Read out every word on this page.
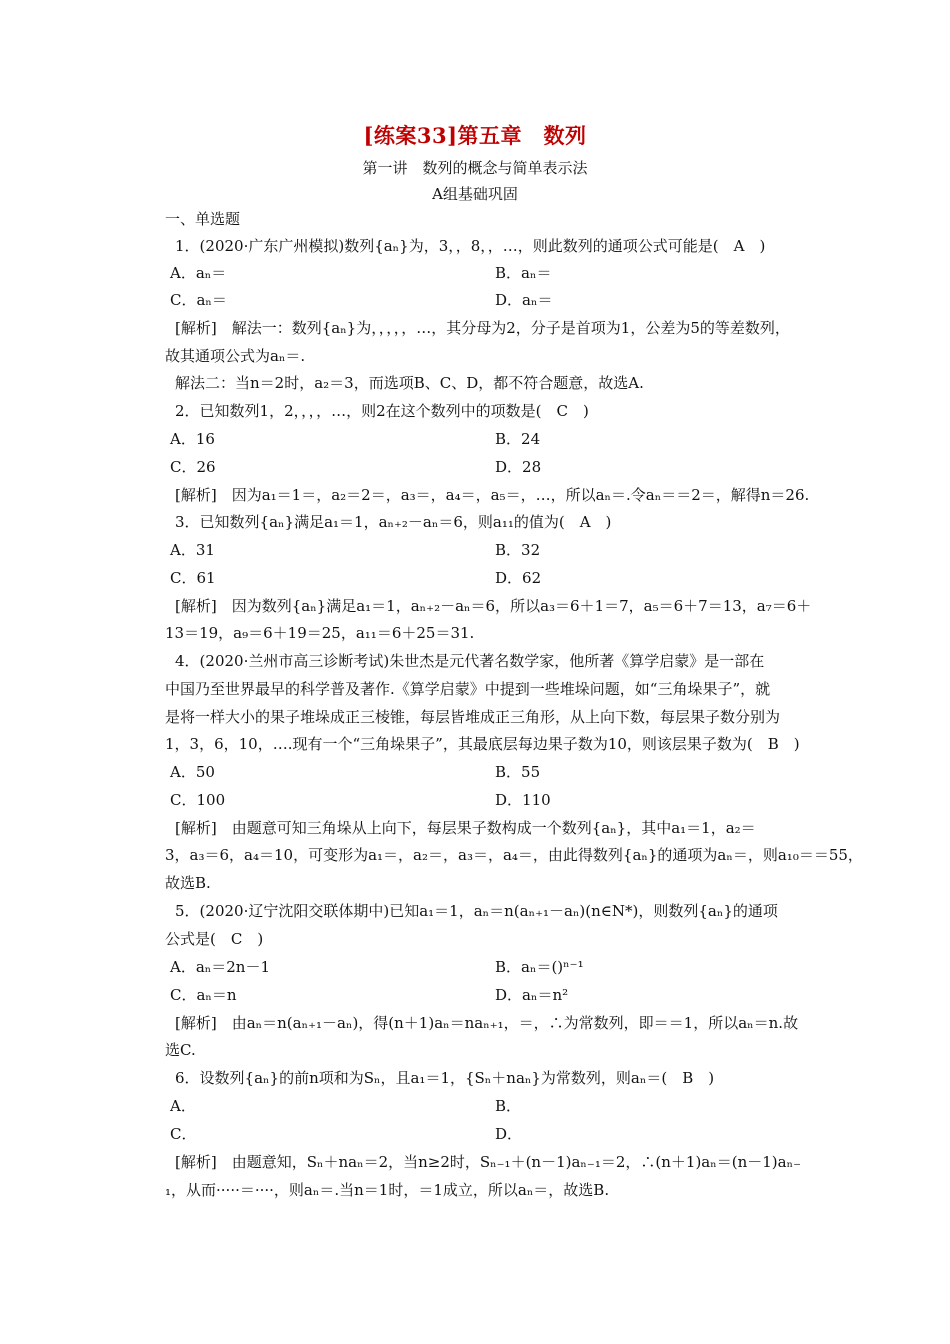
[练案33]第五章　数列
第一讲　数列的概念与简单表示法
A组基础巩固
一、单选题
1．(2020·广东广州模拟)数列{aₙ}为，3，，8，，…，则此数列的通项公式可能是(　A　)
A．aₙ＝	B．aₙ＝
C．aₙ＝	D．aₙ＝
[解析]　解法一：数列{aₙ}为，，，，，…，其分母为2，分子是首项为1，公差为5的等差数列，
故其通项公式为aₙ＝.
解法二：当n＝2时，a₂＝3，而选项B、C、D，都不符合题意，故选A.
2．已知数列1，2，，，，…，则2在这个数列中的项数是(　C　)
A．16	B．24
C．26	D．28
[解析]　因为a₁＝1＝，a₂＝2＝，a₃＝，a₄＝，a₅＝，…，所以aₙ＝.令aₙ＝＝2＝，解得n＝26.
3．已知数列{aₙ}满足a₁＝1，aₙ₊₂－aₙ＝6，则a₁₁的值为(　A　)
A．31	B．32
C．61	D．62
[解析]　因为数列{aₙ}满足a₁＝1，aₙ₊₂－aₙ＝6，所以a₃＝6＋1＝7，a₅＝6＋7＝13，a₇＝6＋
13＝19，a₉＝6＋19＝25，a₁₁＝6＋25＝31.
4．(2020·兰州市高三诊断考试)朱世杰是元代著名数学家，他所著《算学启蒙》是一部在
中国乃至世界最早的科学普及著作.《算学启蒙》中提到一些堆垛问题，如“三角垛果子”，就
是将一样大小的果子堆垛成正三棱锥，每层皆堆成正三角形，从上向下数，每层果子数分别为
1，3，6，10，….现有一个“三角垛果子”，其最底层每边果子数为10，则该层果子数为(　B　)
A．50	B．55
C．100	D．110
[解析]　由题意可知三角垛从上向下，每层果子数构成一个数列{aₙ}，其中a₁＝1，a₂＝
3，a₃＝6，a₄＝10，可变形为a₁＝，a₂＝，a₃＝，a₄＝，由此得数列{aₙ}的通项为aₙ＝，则a₁₀＝＝55，
故选B.
5．(2020·辽宁沈阳交联体期中)已知a₁＝1，aₙ＝n(aₙ₊₁－aₙ)(n∈N*)，则数列{aₙ}的通项
公式是(　C　)
A．aₙ＝2n－1	B．aₙ＝()ⁿ⁻¹
C．aₙ＝n	D．aₙ＝n²
[解析]　由aₙ＝n(aₙ₊₁－aₙ)，得(n＋1)aₙ＝naₙ₊₁，＝，∴为常数列，即＝＝1，所以aₙ＝n.故
选C.
6．设数列{aₙ}的前n项和为Sₙ，且a₁＝1，{Sₙ＋naₙ}为常数列，则aₙ＝(　B　)
A．	B．
C．	D．
[解析]　由题意知，Sₙ＋naₙ＝2，当n≥2时，Sₙ₋₁＋(n－1)aₙ₋₁＝2，∴(n＋1)aₙ＝(n－1)aₙ₋
₁，从而·····＝····，则aₙ＝.当n＝1时，＝1成立，所以aₙ＝，故选B.
